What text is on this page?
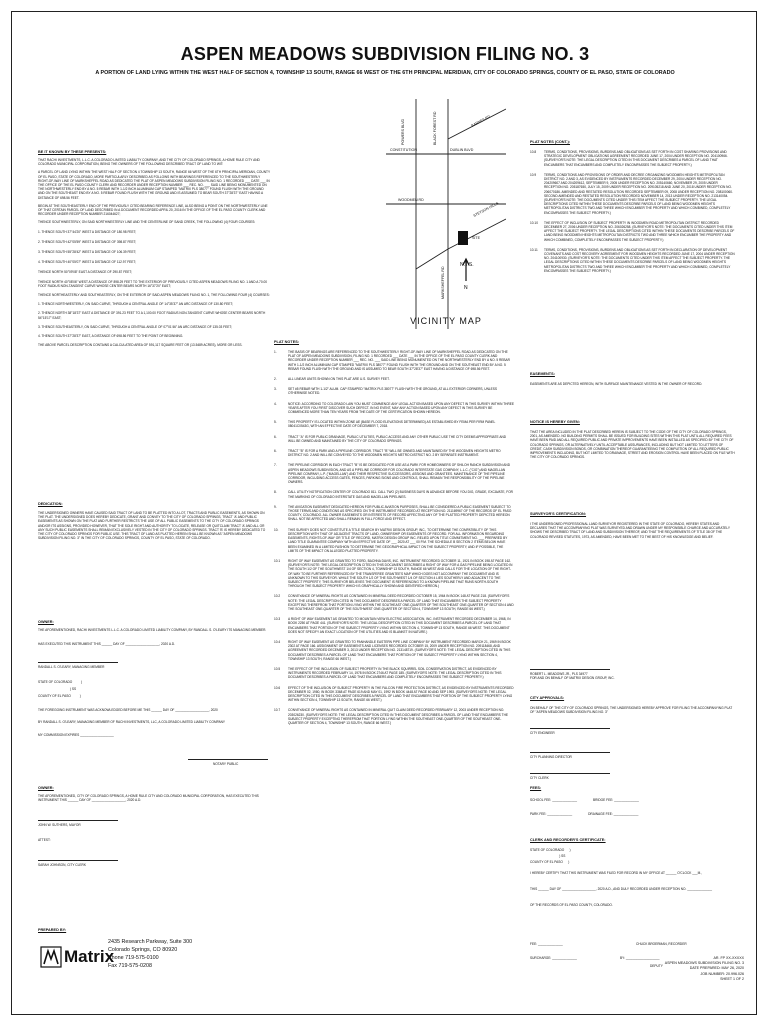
ASPEN MEADOWS SUBDIVISION FILING NO. 3
A PORTION OF LAND LYING WITHIN THE WEST HALF OF SECTION 4, TOWNSHIP 13 SOUTH, RANGE 66 WEST OF THE 6TH PRINCIPAL MERIDIAN, CITY OF COLORADO SPRINGS, COUNTY OF EL PASO, STATE OF COLORADO
BE IT KNOWN BY THESE PRESENTS:
THAT RACHI INVESTMENTS, L.L.C. A COLORADO LIMITED LIABILITY COMPANY, AND THE CITY OF COLORADO SPRINGS, A HOME RULE CITY AND COLORADO MUNICIPAL CORPORATION, BEING THE OWNERS OF THE FOLLOWING DESCRIBED TRACT OF LAND TO WIT:
A PARCEL OF LAND LYING WITHIN THE WEST HALF OF SECTION 4 TOWNSHIP 13 SOUTH, RANGE 66 WEST OF THE 6TH PRINCIPAL MERIDIAN, COUNTY OF EL PASO, STATE OF COLORADO, MORE PARTICULARLY DESCRIBED AS FOLLOWS WITH BEARINGS REFERENCED TO THE SOUTHWESTERLY RIGHT-OF-WAY LINE OF MARKSHEFFEL ROAD AS DEDICATED THE PLAT OF ASPEN MEADOWS SUBDIVISION FILING NO. 1 RECORDED ___ DATE ___ IN THE OFFICE OF THE EL PASO COUNTY CLERK AND RECORDER UNDER RECEPTION NUMBER ___ REC. NO. ___ SAID LINE BEING MONUMENTED ON THE NORTHWESTERLY END BY A NO. 5 REBAR WITH 1-1/2 INCH ALUMINUM CAP STAMPED "MATRIX PLS 38077" FOUND FLUSH WITH THE GROUND AND ON THE SOUTHEAST END BY A NO. 5 REBAR FOUND FLUSH WITH THE GROUND AND IS ASSUMED TO BEAR SOUTH 37°28'37" EAST HAVING A DISTANCE OF 698.56 FEET.
BEGIN AT THE SOUTHEASTERLY END OF THE PREVIOUSLY CITED BEARING REFERENCE LINE, ALSO BEING A POINT ON THE NORTHWESTERLY LINE OF THAT CERTAIN PARCEL OF LAND DESCRIBED IN A DOCUMENT RECORDED APRIL 20, 2016 IN THE OFFICE OF THE EL PASO COUNTY CLERK AND RECORDER UNDER RECEPTION NUMBER 216044627;
THENCE SOUTHWESTERLY, ON SAID NORTHWESTERLY LINE AND THE CENTERLINE OF SAND CREEK, THE FOLLOWING (4) FOUR COURSES:
1. THENCE SOUTH 37°44'20" WEST A DISTANCE OF 180.98 FEET;
2. THENCE SOUTH 42°05'59" WEST A DISTANCE OF 398.87 FEET;
3. THENCE SOUTH 55°28'42" WEST A DISTANCE OF 106.39 FEET;
4. THENCE SOUTH 40°05'07" WEST A DISTANCE OF 112.97 FEET;
THENCE NORTH 50°09'08" EAST A DISTANCE OF 290.87 FEET;
THENCE NORTH 40°08'06" WEST A DISTANCE OF 898.29 FEET TO THE EXTERIOR OF PREVIOUSLY CITED ASPEN MEADOWS FILING NO. 1 AND A 70.00 FOOT RADIUS NON-TANGENT CURVE WHOSE CENTER BEARS NORTH 16°37'20" EAST;
THENCE NORTHEASTERLY AND SOUTHEASTERLY, ON THE EXTERIOR OF SAID ASPEN MEADOWS FILING NO. 1, THE FOLLOWING FOUR (4) COURSES:
1. THENCE NORTHWESTERLY, ON SAID CURVE, THROUGH A CENTRAL ANGLE OF 14°35'37" AN ARC DISTANCE OF 130.80 FEET;
2. THENCE NORTH 38°18'37" EAST A DISTANCE OF 391.23 FEET TO A 1,100.00 FOOT RADIUS NON-TANGENT CURVE WHOSE CENTER BEARS NORTH 54°15'17" EAST;
3. THENCE SOUTHEASTERLY, ON SAID CURVE, THROUGH A CENTRAL ANGLE OF 07°01'46" AN ARC DISTANCE OF 135.03 FEET;
4. THENCE SOUTH 37°28'37" EAST, A DISTANCE OF 698.56 FEET TO THE POINT OF BEGINNING.
THE ABOVE PARCEL DESCRIPTION CONTAINS A CALCULATED AREA OF 591,117 SQUARE FEET OR (13.5489 ACRES), MORE OR LESS.
DEDICATION:
THE UNDERSIGNED OWNERS HAVE CAUSED SAID TRACT OF LAND TO BE PLATTED INTO A LOT, TRACTS AND PUBLIC EASEMENTS, AS SHOWN ON THE PLAT. THE UNDERSIGNED DOES HEREBY DEDICATE, GRANT AND CONVEY TO THE CITY OF COLORADO SPRINGS, TRACT 'A' AND PUBLIC EASEMENTS AS SHOWN ON THE PLAT AND FURTHER RESTRICTS THE USE OF ALL PUBLIC EASEMENTS TO THE CITY OF COLORADO SPRINGS AND/OR ITS ASSIGNS, PROVIDED HOWEVER, THAT THE SOLE RIGHT AND AUTHORITY TO LOCATE, RELEASE OR QUITCLAIM TRACT 'A' AND ALL OR ANY SUCH PUBLIC EASEMENTS SHALL REMAIN EXCLUSIVELY VESTED IN THE CITY OF COLORADO SPRINGS. TRACT 'B' IS HEREBY DEDICATED TO THE CITY OF COLORADO SPRINGS FOR PUBLIC USE. THIS TRACT OF LAND AS PLATTED HEREIN SHALL BE KNOWN AS "ASPEN MEADOWS SUBDIVISION FILING NO. 3" IN THE CITY OF COLORADO SPRINGS, COUNTY OF EL PASO, STATE OF COLORADO.
OWNER:
THE AFOREMENTIONED, RACHI INVESTMENTS L.L.C. A COLORADO LIMITED LIABILITY COMPANY, BY RANDALL S. O'LEARY ITS MANAGING MEMBER.
HAS EXECUTED THIS INSTRUMENT THIS ______ DAY OF ___________________, 2020 A.D.
RANDALL S. O'LEARY, MANAGING MEMBER
STATE OF COLORADO          )
) SS
COUNTY OF EL PASO          )
THE FOREGOING INSTRUMENT WAS ACKNOWLEDGED BEFORE ME THIS ______ DAY OF ___________________, 2020
BY RANDALL S. O'LEARY, MANAGING MEMBER OF RACHI INVESTMENTS, LLC, A COLORADO LIMITED LIABILITY COMPANY
MY COMMISSION EXPIRES ___________________
NOTARY PUBLIC
OWNER:
THE AFOREMENTIONED, CITY OF COLORADO SPRINGS, A HOME RULE CITY AND COLORADO MUNICIPAL CORPORATION, HAS EXECUTED THIS INSTRUMENT THIS ______ DAY OF ___________________, 2020 A.D.
JOHN W. SUTHERS, MAYOR
ATTEST:
SARAH JOHNSON, CITY CLERK
PREPARED BY:
Matrix
2435 Research Parkway, Suite 300
Colorado Springs, CO 80920
Phone 719-575-0100
Fax 719-575-0208
POWERS BLVD	BLACK FOREST RD
CONSTITUTION	DUBLIN BLVD
WOODMEN RD
BARNES RD
MARKSHEFFEL RD
SITE
STETSON HILLS
N
N.T.S.
VICINITY MAP
PLAT NOTES:
1.	THE BASIS OF BEARINGS ARE REFERENCED TO THE SOUTHWESTERLY RIGHT-OF-WAY LINE OF MARKSHEFFEL ROAD AS DEDICATED ON THE PLAT OF ASPEN MEADOWS SUBDIVISION, FILING NO. 1 RECORDED ___ DATE ___ IN THE OFFICE OF THE EL PASO COUNTY CLERK AND RECORDER UNDER RECEPTION NUMBER ___ REC. NO. ___ SAID LINE BEING MONUMENTED ON THE NORTHWESTERLY END BY A NO. 5 REBAR WITH 1-1/2 INCH ALUMINUM CAP STAMPED "MATRIX PLS 38077" FOUND FLUSH WITH THE GROUND AND ON THE SOUTHEAST END BY A NO. 5 REBAR FOUND FLUSH WITH THE GROUND AND IS ASSUMED TO BEAR SOUTH 37°28'37" EAST HAVING A DISTANCE OF 698.56 FEET.
2.	ALL LINEAR UNITS SHOWN ON THIS PLAT ARE U.S. SURVEY FEET.
3.	SET #5 REBAR WITH 1-1/2" ALUM. CAP STAMPED "MATRIX PLS 38077" FLUSH WITH THE GROUND, AT ALL EXTERIOR CORNERS, UNLESS OTHERWISE NOTED.
4.	NOTICE: ACCORDING TO COLORADO LAW YOU MUST COMMENCE ANY LEGAL ACTION BASED UPON ANY DEFECT IN THIS SURVEY WITHIN THREE YEARS AFTER YOU FIRST DISCOVER SUCH DEFECT. IN NO EVENT, MAY ANY ACTION BASED UPON ANY DEFECT IN THIS SURVEY BE COMMENCED MORE THAN TEN YEARS FROM THE DATE OF THE CERTIFICATION SHOWN HEREON.
5.	THIS PROPERTY IS LOCATED WITHIN ZONE AE (BASE FLOOD ELEVATIONS DETERMINED) AS ESTABLISHED BY FEMA PER FIRM PANEL 08041C0543G, WITH AN EFFECTIVE DATE OF DECEMBER 7, 2018.
6.	TRACT "A" IS FOR PUBLIC DRAINAGE, PUBLIC UTILITIES, PUBLIC ACCESS AND ANY OTHER PUBLIC USE THE CITY DEEMS APPROPRIATE AND WILL BE OWNED AND MAINTAINED BY THE CITY OF COLORADO SPRINGS.
6.	TRACT "B" IS FOR A PARK AND A PIPELINE CORRIDOR. TRACT "B" WILL BE OWNED AND MAINTAINED BY THE WOODMEN HEIGHTS METRO DISTRICT NO. 2 AND WILL BE CONVEYED TO THE WOODMEN HEIGHTS METRO DISTRICT NO. 2 BY SEPARATE INSTRUMENT.
7.	THE PIPELINE CORRIDOR IN EACH TRACT "B" IS BE DEDICATED FOR USE AS A PARK FOR HOMEOWNERS OF SHILOH RANCH SUBDIVISION AND ASPEN MEADOWS SUBDIVISION, AND AS A PIPELINE CORRIDOR FOR COLORADO INTERSTATE GAS COMPANY, L.L.C. ("CIG") AND MAGELLAN PIPELINE COMPANY, L.P. ("MAGELLAN") AND THEIR RESPECTIVE SUCCESSORS, ASSIGNS AND GRANTEES. MAINTENANCE OF THE PIPELINE CORRIDOR, INCLUDING ACCESS GATES, FENCES, PARKING SIGNS AND CONTROLS, SHALL REMAIN THE RESPONSIBILITY OF THE PIPELINE OWNERS.
8.	CALL UTILITY NOTIFICATION CENTER OF COLORADO 811. CALL TWO (2) BUSINESS DAYS IN ADVANCE BEFORE YOU DIG, GRADE, EXCAVATE, FOR THE MARKING OF COLORADO INTERSTATE GAS AND MAGELLAN PIPELINES.
9.	THE AVIGATION EASEMENT DEDICATED HEREON FOR PUBLIC AVIATION PURPOSES, SHALL BE CONSIDERED A PUBLIC EASEMENT SUBJECT TO THOSE TERMS AND CONDITIONS AS SPECIFIED ON THE INSTRUMENT RECORDED AT RECEPTION NO. 211169967 OF THE RECORDS OF EL PASO COUNTY, COLORADO. ALL OWNER EASEMENTS OR INTERESTS OF RECORD AFFECTING ANY OF THE PLATTED PROPERTY DEPICTED HEREON SHALL NOT BE AFFECTED AND SHALL REMAIN IN FULL FORCE AND EFFECT.
10.	THIS SURVEY DOES NOT CONSTITUTE A TITLE SEARCH BY MATRIX DESIGN GROUP, INC., TO DETERMINE THE COMPATIBILITY OF THIS DESCRIPTION WITH THAT OF ADJACENT TRACTS OF LAND, OWNERSHIP OR EASEMENTS OF RECORD. FOR ALL INFORMATION REGARDING EASEMENTS, RIGHTS-OF-WAY OR TITLE OF RECORD, MATRIX DESIGN GROUP INC. RELIED UPON TITLE COMMITMENT NO. ___ PREPARED BY LAND TITLE GUARANTEE COMPANY WITH AN EFFECTIVE DATE OF ___ 2020 AT ___ 00 P.M. THE SCHEDULE B SECTION 2 ITEMS BELOW HAVE BEEN EXAMINED IN A LIMITED FASHION TO DETERMINE THE GEOGRAPHICAL IMPACT ON THE SUBJECT PROPERTY, AND IF POSSIBLE, THE LIMITS OF THE IMPACT ON ALLEGED PLATTED PROPERTY.
10.1	RIGHT OF WAY EASEMENT AS GRANTED TO FORD, BACHNA DAVIS, INC. INSTRUMENT RECORDED OCTOBER 11, 1921 IN BOOK 198 AT PAGE 162. (SURVEYOR'S NOTE: THE LEGAL DESCRIPTION CITED IN THIS DOCUMENT DESCRIBES A RIGHT OF WAY FOR A GAS PIPELINE BEING LOCATED IN THE SOUTH 1/2 OF THE SOUTHWEST 1/4 OF SECTION 4, TOWNSHIP 13 SOUTH, RANGE 66 WEST AND CALLS FOR THE LOCATION OF THE RIGHT-OF-WAY TO BE FURTHER REFERENCED BY THE TRANSFEREE GRANTEE'S MAP WHICH DOES NOT ACCOMPANY THE DOCUMENT AND IS UNKNOWN TO THIS SURVEYOR. WHILE THE SOUTH 1/2 OF THE SOUTHWEST 1/4 OF SECTION 4 LIES SOUTHERLY AND ADJACENT TO THE SUBJECT PROPERTY, THIS SURVEYOR BELIEVES THE DOCUMENT IS REFERENCING TO A KNOWN PIPELINE THAT RUNS NORTH-SOUTH THROUGH THE SUBJECT PROPERTY WHICH IS GRAPHICALLY SHOWN AND IDENTIFIED HEREON.)
10.2	CONVEYANCE OF MINERAL RIGHTS AS CONTAINED IN MINERAL DEED RECORDED OCTOBER 15, 1964 IN BOOK 148 AT PAGE 218. (SURVEYOR'S NOTE: THE LEGAL DESCRIPTION CITED IN THIS DOCUMENT DESCRIBES A PARCEL OF LAND THAT ENCUMBERS THE SUBJECT PROPERTY EXCEPTING THEREFROM THAT PORTION LYING WITHIN THE SOUTHEAST ONE-QUARTER OF THE SOUTHEAST ONE-QUARTER OF SECTION 4 AND THE SOUTHEAST ONE-QUARTER OF THE SOUTHWEST ONE-QUARTER OF SECTION 4, TOWNSHIP 13 SOUTH, RANGE 66 WEST.)
10.3	A RIGHT OF WAY EASEMENT AS GRANTED TO MOUNTAIN VIEW ELECTRIC ASSOCIATION, INC. INSTRUMENT RECORDED DECEMBER 14, 1968, IN BOOK 2250 AT PAGE 441. (SURVEYOR'S NOTE: THE LEGAL DESCRIPTION CITED IN THIS DOCUMENT DESCRIBES A PARCEL OF LAND THAT ENCUMBERS THAT PORTION OF THE SUBJECT PROPERTY LYING WITHIN SECTION 4, TOWNSHIP 13 SOUTH, RANGE 66 WEST. THIS DOCUMENT DOES NOT SPECIFY AN EXACT LOCATION OF THE UTILITIES AND IS BLANKET IN NATURE.)
10.4	RIGHT OF WAY EASEMENT AS GRANTED TO PANHANDLE EASTERN PIPE LINE COMPANY BY INSTRUMENT RECORDED MARCH 21, 1969 IN BOOK 2302 AT PAGE 166. ASSIGNMENT OF EASEMENTS AND LICENSES RECORDED OCTOBER 15, 2009 UNDER RECEPTION NO. 209118468, AND AGREEMENT RECORDED DECEMBER 3, 2013 UNDER RECEPTION NO. 213148719. (SURVEYOR'S NOTE: THE LEGAL DESCRIPTION CITED IN THIS DOCUMENT DESCRIBES A PARCEL OF LAND THAT ENCUMBERS THAT PORTION OF THE SUBJECT PROPERTY LYING WITHIN SECTION 4, TOWNSHIP 13 SOUTH, RANGE 66 WEST.)
10.5	THE EFFECT OF THE INCLUSION OF SUBJECT PROPERTY IN THE BLACK SQUIRREL SOIL CONSERVATION DISTRICT, AS EVIDENCED BY INSTRUMENTS RECORDED FEBRUARY 14, 1978 IN BOOK 2746 AT PAGE 185. (SURVEYOR'S NOTE: THE LEGAL DESCRIPTION CITED IN THIS DOCUMENT DESCRIBES A PARCEL OF LAND THAT ENCUMBERS AND COMPLETELY ENCOMPASSES THE SUBJECT PROPERTY.)
10.6	EFFECT OF THE INCLUSION OF SUBJECT PROPERTY IN THE FALCON FIRE PROTECTION DISTRICT, AS EVIDENCED BY INSTRUMENTS RECORDED DECEMBER 02, 1980, IN BOOK 3368 AT PAGE 619 AND MAY 01, 1992 IN BOOK 4448 AT PAGE 60 AND SEP 1993. (SURVEYOR'S NOTE: THE LEGAL DESCRIPTION CITED IN THIS DOCUMENT DESCRIBES A PARCEL OF LAND THAT ENCUMBERS THAT PORTION OF THE SUBJECT PROPERTY LYING WITHIN SECTION 4, TOWNSHIP 13 SOUTH, RANGE 66 WEST.)
10.7	CONVEYANCE OF MINERAL RIGHTS AS CONTAINED IN MINERAL QUIT CLAIM DEED RECORDED FEBRUARY 12, 2003 UNDER RECEPTION NO. 203026230. (SURVEYOR'S NOTE: THE LEGAL DESCRIPTION CITED IN THIS DOCUMENT DESCRIBES A PARCEL OF LAND THAT ENCUMBERS THE SUBJECT PROPERTY EXCEPTING THEREFROM THAT PORTION LYING WITHIN THE SOUTHEAST ONE-QUARTER OF THE SOUTHEAST ONE-QUARTER OF SECTION 4, TOWNSHIP 13 SOUTH, RANGE 66 WEST.)
PLAT NOTES (CONT.):
10.8	TERMS, CONDITIONS, PROVISIONS, BURDENS AND OBLIGATIONS AS SET FORTH IN COST SHARING PROVISIONS AND STRATEGIC DEVELOPMENT OBLIGATIONS AGREEMENT RECORDED JUNE 17, 2004 UNDER RECEPTION NO. 204100966. (SURVEYOR'S NOTE: THE LEGAL DESCRIPTION CITED IN THIS DOCUMENT DESCRIBES A PARCEL OF LAND THAT ENCUMBERS THAT ENCUMBERS AND COMPLETELY ENCOMPASSES THE SUBJECT PROPERTY.)
10.9	TERMS, CONDITIONS AND PROVISIONS OF ORDER AND DECREE ORGANIZING WOODMEN HEIGHTS METROPOLITAN DISTRICT NO. 2 AND 3, AS EVIDENCED BY INSTRUMENTS RECORDED DECEMBER 29, 2004 UNDER RECEPTION NO. 204209607 AND 204209612, SEPTEMBER 9, 2005 UNDER RECEPTION NO. 205140660, NOVEMBER 29, 2005 UNDER RECEPTION NO. 205187650, JULY 15, 2009 UNDER RECEPTION NO. 209105218 AND JUNE 20, 2018 UNDER RECEPTION NO. 206070186. AMENDED AND RESTATED RESOLUTION RECORDED SEPTEMBER 09, 2008 UNDER RECEPTION NO. 208100060. SECOND AMENDED AND RESTATED RESOLUTION RECORDED NOVEMBER 14, 2013 UNDER RECEPTION NO. 213140054. (SURVEYOR'S NOTE: THE DOCUMENTS CITED UNDER THIS ITEM AFFECT THE SUBJECT PROPERTY. THE LEGAL DESCRIPTIONS CITED WITHIN THESE DOCUMENTS DESCRIBE PARCELS OF LAND BEING WOODMEN HEIGHTS METROPOLITAN DISTRICTS TWO AND THREE WHICH ENCUMBER THE PROPERTY AND WHICH COMBINED, COMPLETELY ENCOMPASSES THE SUBJECT PROPERTY.)
10.10	THE EFFECT OF INCLUSION OF SUBJECT PROPERTY IN WOODMEN ROAD METROPOLITAN DISTRICT RECORDED DECEMBER 27, 2006 UNDER RECEPTION NO. 206026258. (SURVEYOR'S NOTE: THE DOCUMENTS CITED UNDER THIS ITEM AFFECT THE SUBJECT PROPERTY. THE LEGAL DESCRIPTIONS CITED WITHIN THESE DOCUMENTS DESCRIBE PARCELS OF LAND BEING WOODMEN HEIGHTS METROPOLITAN DISTRICTS TWO AND THREE WHICH ENCUMBER THE PROPERTY AND WHICH COMBINED, COMPLETELY ENCOMPASSES THE SUBJECT PROPERTY.)
10.11	TERMS, CONDITIONS, PROVISIONS, BURDENS AND OBLIGATIONS AS SET FORTH IN DECLARATION OF DEVELOPMENT COVENANTS AND COST RECOVERY AGREEMENT FOR WOODMEN HEIGHTS RECORDED JUNE 17, 2004 UNDER RECEPTION NO. 204100930. (SURVEYOR'S NOTE: THE DOCUMENTS CITED UNDER THIS ITEM AFFECT THE SUBJECT PROPERTY. THE LEGAL DESCRIPTIONS CITED WITHIN THESE DOCUMENTS DESCRIBE PARCELS OF LAND BEING WOODMEN HEIGHTS METROPOLITAN DISTRICTS TWO AND THREE WHICH ENCUMBER THE PROPERTY AND WHICH COMBINED, COMPLETELY ENCOMPASSES THE SUBJECT PROPERTY.)
EASEMENTS:
EASEMENTS ARE AS DEPICTED HEREON, WITH SURFACE MAINTENANCE VESTED IN THE OWNER OF RECORD.
NOTICE IS HEREBY GIVEN:
THAT THE AREA INCLUDED IN THE PLAT DESCRIBED HEREIN IS SUBJECT TO THE CODE OF THE CITY OF COLORADO SPRINGS, 2001, AS AMENDED. NO BUILDING PERMITS SHALL BE ISSUED FOR BUILDING SITES WITHIN THIS PLAT UNTIL ALL REQUIRED FEES HAVE BEEN PAID AND ALL REQUIRED PUBLIC AND PRIVATE IMPROVEMENTS HAVE BEEN INSTALLED AS SPECIFIED BY THE CITY OF COLORADO SPRINGS, OR ALTERNATIVELY UNTIL ACCEPTABLE ASSURANCES, INCLUDING BUT NOT LIMITED TO LETTERS OF CREDIT, CASH SUBDIVISION BONDS, OR COMBINATION THEREOF GUARANTEEING THE COMPLETION OF ALL REQUIRED PUBLIC IMPROVEMENTS INCLUDING, BUT NOT LIMITED TO DRAINAGE, STREET AND EROSION CONTROL HAVE BEEN PLACED ON FILE WITH THE CITY OF COLORADO SPRINGS.
SURVEYOR'S CERTIFICATION:
I THE UNDERSIGNED PROFESSIONAL LAND SURVEYOR REGISTERED IN THE STATE OF COLORADO, HEREBY STATES AND DECLARES THAT THE ACCOMPANYING PLAT WAS SURVEYED AND DRAWN UNDER MY RESPONSIBLE CHARGE AND ACCURATELY SHOWS THE DESCRIBED TRACT OF LAND AND SUBDIVISION THEREOF, AND THAT THE REQUIREMENTS OF TITLE 38 OF THE COLORADO REVISED STATUTES, 1973, AS AMENDED, HAVE BEEN MET TO THE BEST OF HIS KNOWLEDGE AND BELIEF.
ROBERT L. MEADOWS JR., PLS 34977
FOR AND ON BEHALF OF MATRIX DESIGN GROUP, INC.
CITY APPROVALS:
ON BEHALF OF THE CITY OF COLORADO SPRINGS, THE UNDERSIGNED HEREBY APPROVE FOR FILING THE ACCOMPANYING PLAT OF "ASPEN MEADOWS SUBDIVISION FILING NO. 3"
CITY ENGINEER
CITY PLANNING DIRECTOR
CITY CLERK
FEES:
SCHOOL FEE: ______________	BRIDGE FEE: ______________
PARK FEE: ______________	DRAINAGE FEE: ______________
CLERK AND RECORDER'S CERTIFICATE:
STATE OF COLORADO      )
) SS
COUNTY OF EL PASO      )
I HEREBY CERTIFY THAT THIS INSTRUMENT WAS FILED FOR RECORD IN MY OFFICE AT ______ O'CLOCK ___M.,
THIS ______ DAY OF ___________________, 2020 A.D., AND DULY RECORDED UNDER RECEPTION NO. ______________
OF THE RECORDS OF EL PASO COUNTY, COLORADO.
FEE: ______________
SURCHARGE: ______________
CHUCK BROERMAN, RECORDER
BY: ___________________
DEPUTY
AR. FP XX-XXXXX
ASPEN MEADOWS SUBDIVISION FILING NO. 3
DATE PREPARED: MAY 26, 2020
JOB NUMBER: 20.996.026
SHEET 1 OF 2
